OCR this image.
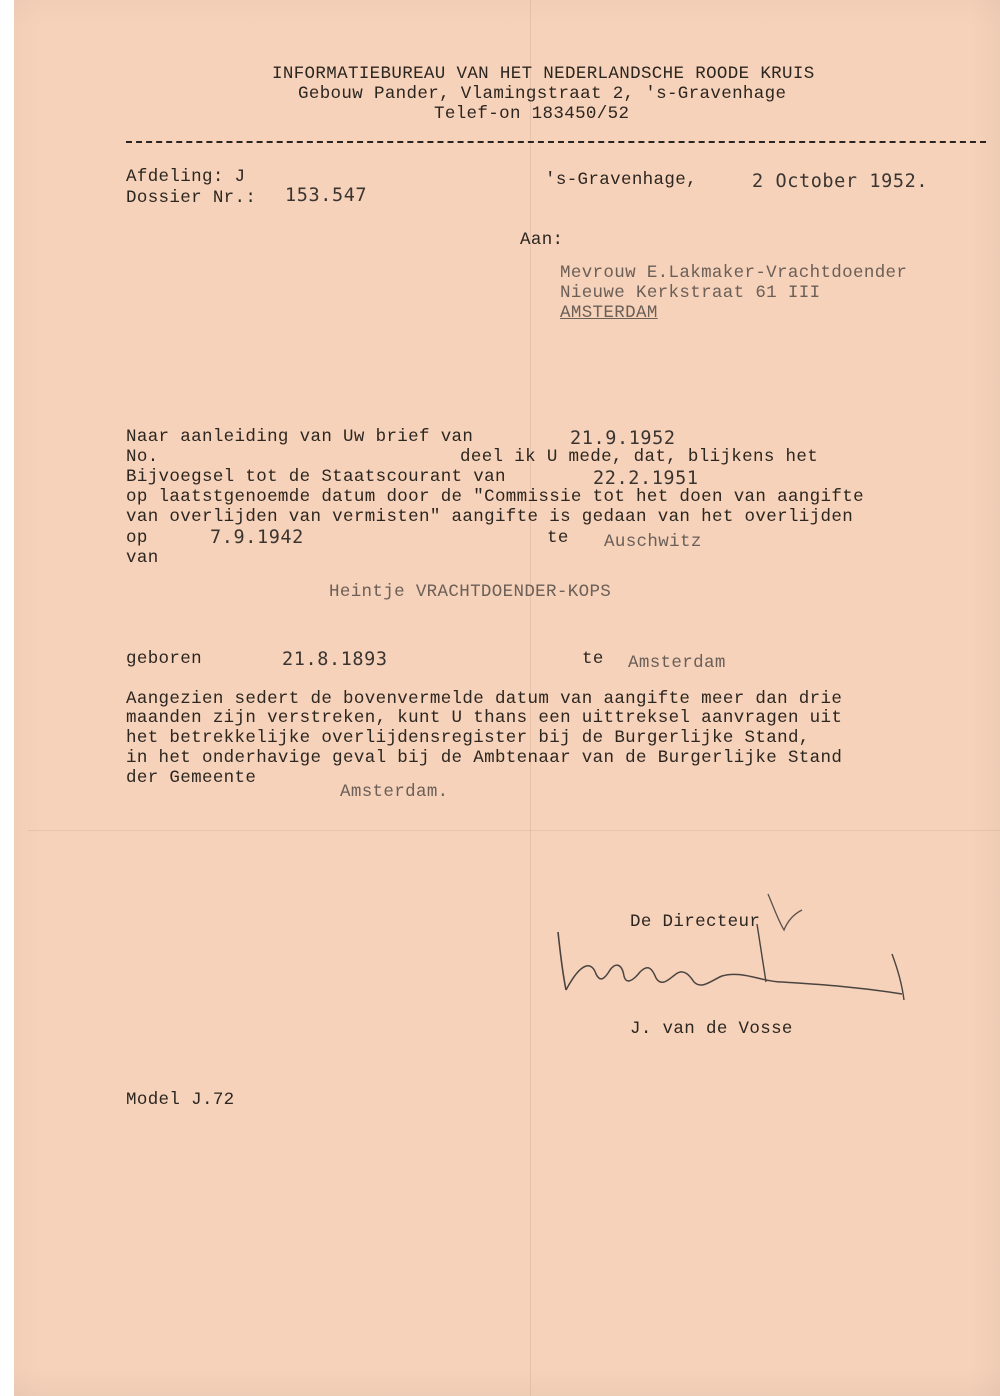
INFORMATIEBUREAU VAN HET NEDERLANDSCHE ROODE KRUIS
Gebouw Pander, Vlamingstraat 2, 's-Gravenhage
Telef-on 183450/52
Afdeling: J
Dossier Nr.: 153.547
's-Gravenhage,	2 October 1952.
Aan:
Mevrouw E.Lakmaker-Vrachtdoender
Nieuwe Kerkstraat 61 III
AMSTERDAM
Naar aanleiding van Uw brief van	21.9.1952
No.	deel ik U mede, dat, blijkens het
Bijvoegsel tot de Staatscourant van	22.2.1951
op laatstgenoemde datum door de "Commissie tot het doen van aangifte
van overlijden van vermisten" aangifte is gedaan van het overlijden
op	7.9.1942	te Auschwitz
van
Heintje VRACHTDOENDER-KOPS
geboren	21.8.1893	te Amsterdam
Aangezien sedert de bovenvermelde datum van aangifte meer dan drie
maanden zijn verstreken, kunt U thans een uittreksel aanvragen uit
het betrekkelijke overlijdensregister bij de Burgerlijke Stand,
in het onderhavige geval bij de Ambtenaar van de Burgerlijke Stand
der Gemeente
Amsterdam.
De Directeur
J. van de Vosse
Model J.72
